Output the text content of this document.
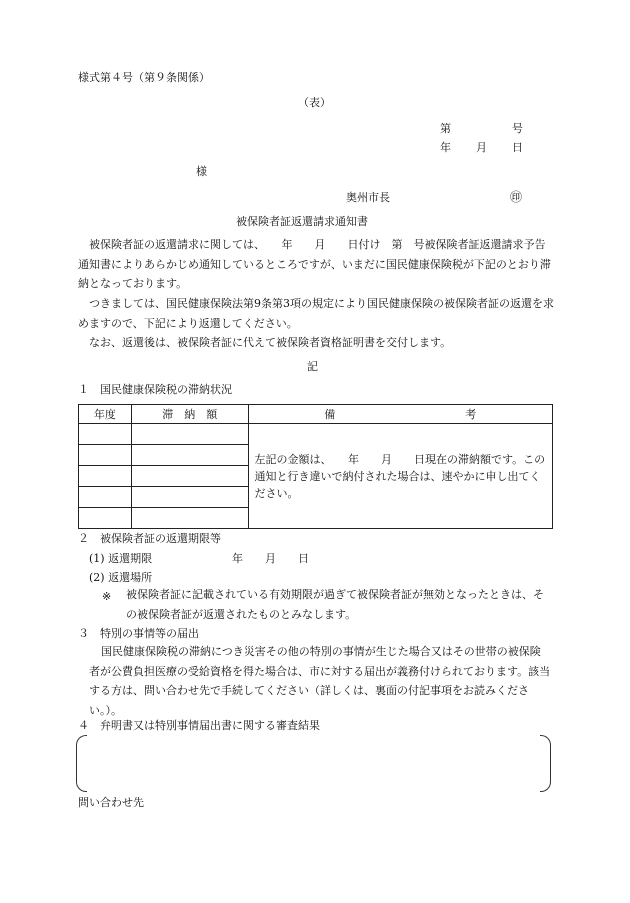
様式第４号（第９条関係）
（表）
第	号
年 月 日
様
奥州市長	㊞
被保険者証返還請求通知書
被保険者証の返還請求に関しては、　　年　　月　　日付け　第　号被保険者証返還請求予告通知書によりあらかじめ通知しているところですが、いまだに国民健康保険税が下記のとおり滞納となっております。
つきましては、国民健康保険法第9条第3項の規定により国民健康保険の被保険者証の返還を求めますので、下記により返還してください。
なお、返還後は、被保険者証に代えて被保険者資格証明書を交付します。
記
１　国民健康保険税の滞納状況
年度	滞　納　額	備 考
		左記の金額は、　　年　　月　　日現在の滞納額です。この通知と行き違いで納付された場合は、速やかに申し出てください。

２　被保険者証の返還期限等
(1) 返還期限	年　　月　　日
(2) 返還場所
※ 被保険者証に記載されている有効期限が過ぎて被保険者証が無効となったときは、その被保険者証が返還されたものとみなします。
３　特別の事情等の届出
国民健康保険税の滞納につき災害その他の特別の事情が生じた場合又はその世帯の被保険者が公費負担医療の受給資格を得た場合は、市に対する届出が義務付けられております。該当する方は、問い合わせ先で手続してください（詳しくは、裏面の付記事項をお読みください。）。
４　弁明書又は特別事情届出書に関する審査結果
問い合わせ先
